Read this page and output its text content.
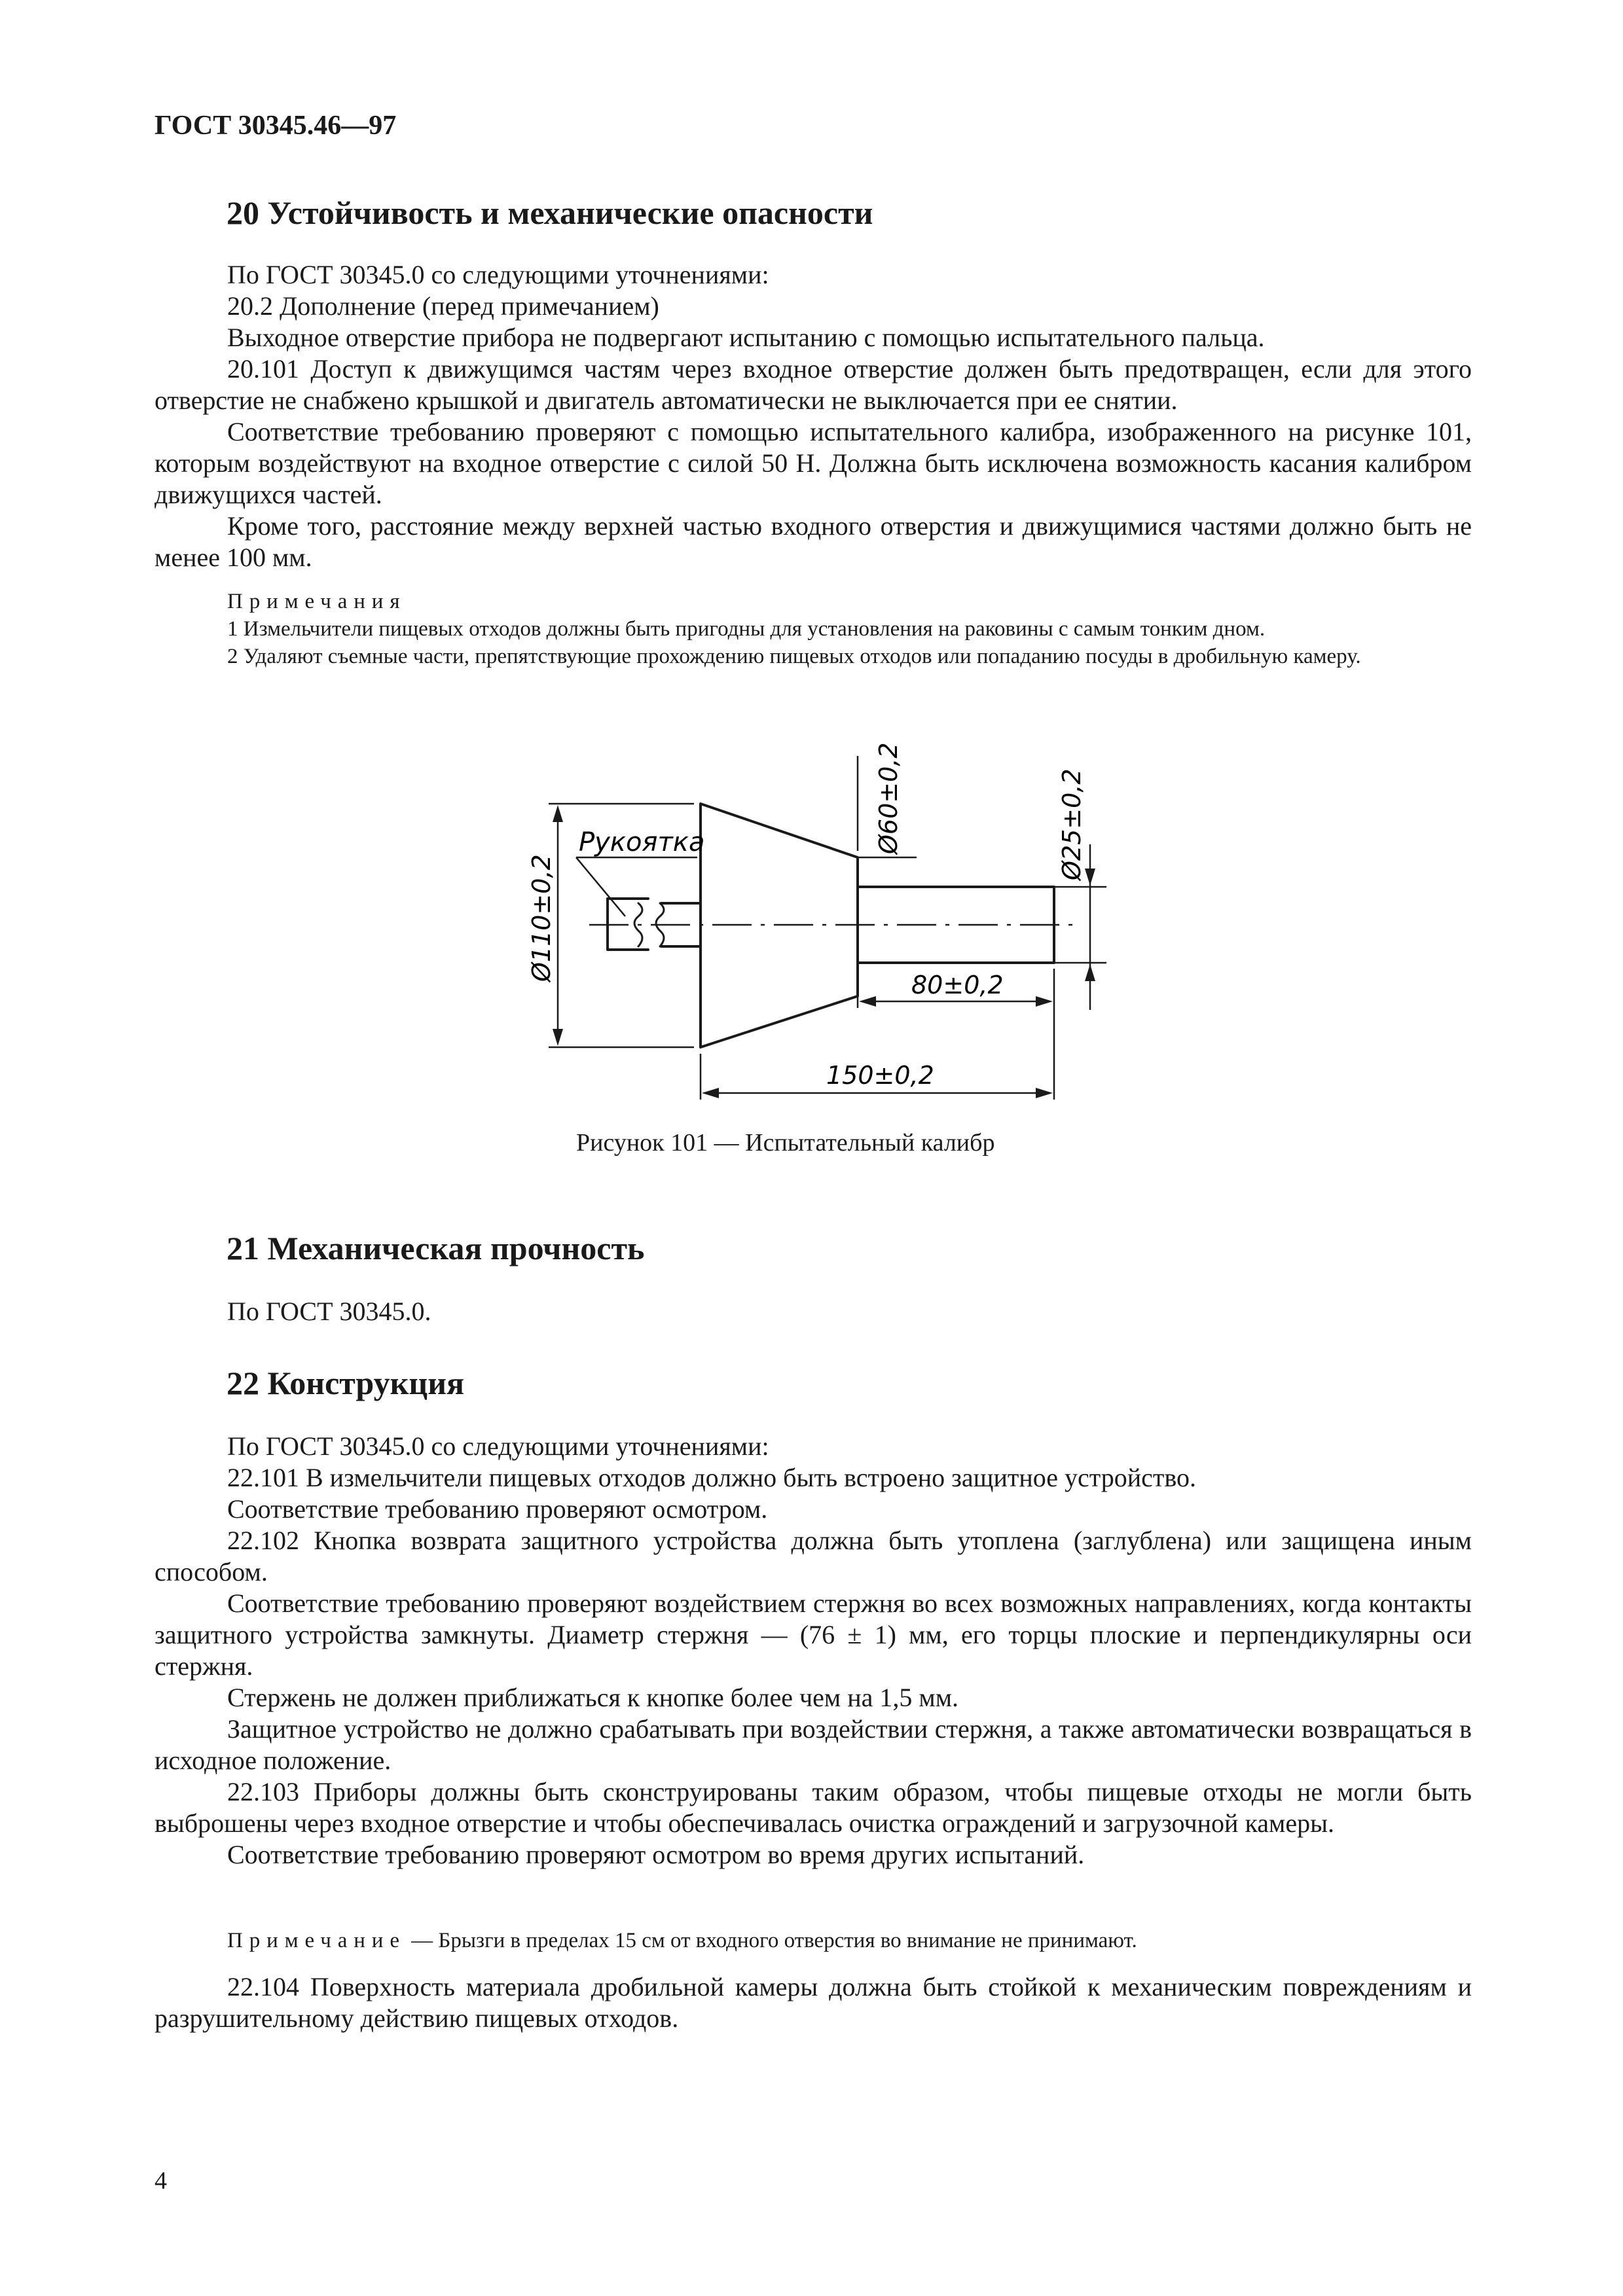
ГОСТ 30345.46—97
20 Устойчивость и механические опасности

По ГОСТ 30345.0 со следующими уточнениями:

20.2 Дополнение (перед примечанием)

Выходное отверстие прибора не подвергают испытанию с помощью испытательного пальца.

20.101 Доступ к движущимся частям через входное отверстие должен быть предотвращен, если для этого отверстие не снабжено крышкой и двигатель автоматически не выключается при ее снятии.

Соответствие требованию проверяют с помощью испытательного калибра, изображенного на рисунке 101, которым воздействуют на входное отверстие с силой 50 Н. Должна быть исключена возможность касания калибром движущихся частей.

Кроме того, расстояние между верхней частью входного отверстия и движущимися частями должно быть не менее 100 мм.

Примечания

1 Измельчители пищевых отходов должны быть пригодны для установления на раковины с самым тонким дном.

2 Удаляют съемные части, препятствующие прохождению пищевых отходов или попаданию посуды в дробильную камеру.

Рукоятка
Ø110±0,2
Ø60±0,2	Ø25±0,2
80±0,2
150±0,2
Рисунок 101 — Испытательный калибр
21 Механическая прочность

По ГОСТ 30345.0.

22 Конструкция

По ГОСТ 30345.0 со следующими уточнениями:

22.101 В измельчители пищевых отходов должно быть встроено защитное устройство.

Соответствие требованию проверяют осмотром.

22.102 Кнопка возврата защитного устройства должна быть утоплена (заглублена) или защищена иным способом.

Соответствие требованию проверяют воздействием стержня во всех возможных направлениях, когда контакты защитного устройства замкнуты. Диаметр стержня — (76 ± 1) мм, его торцы плоские и перпендикулярны оси стержня.

Стержень не должен приближаться к кнопке более чем на 1,5 мм.

Защитное устройство не должно срабатывать при воздействии стержня, а также автоматически возвращаться в исходное положение.

22.103 Приборы должны быть сконструированы таким образом, чтобы пищевые отходы не могли быть выброшены через входное отверстие и чтобы обеспечивалась очистка ограждений и загрузочной камеры.

Соответствие требованию проверяют осмотром во время других испытаний.

Примечание — Брызги в пределах 15 см от входного отверстия во внимание не принимают.

22.104 Поверхность материала дробильной камеры должна быть стойкой к механическим повреждениям и разрушительному действию пищевых отходов.

4
